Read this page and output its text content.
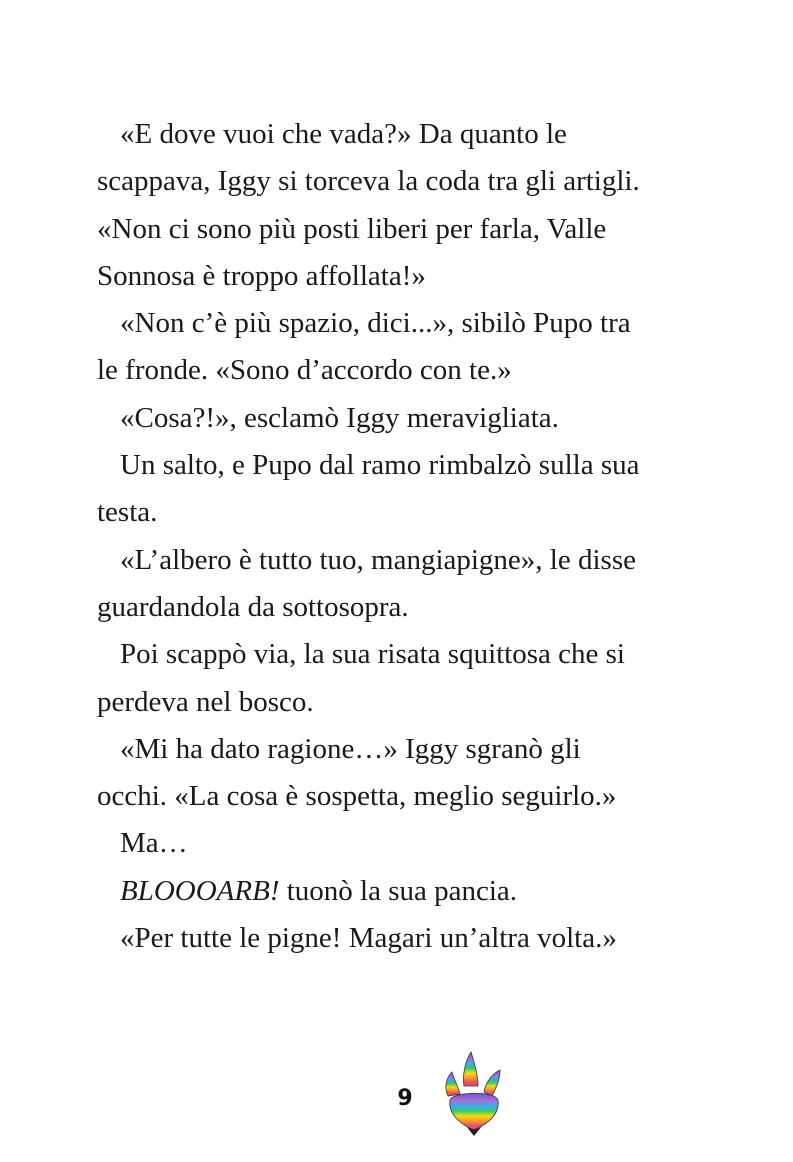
«E dove vuoi che vada?» Da quanto le
scappava, Iggy si torceva la coda tra gli artigli.
«Non ci sono più posti liberi per farla, Valle
Sonnosa è troppo affollata!»
«Non c’è più spazio, dici...», sibilò Pupo tra
le fronde. «Sono d’accordo con te.»
«Cosa?!», esclamò Iggy meravigliata.
Un salto, e Pupo dal ramo rimbalzò sulla sua
testa.
«L’albero è tutto tuo, mangiapigne», le disse
guardandola da sottosopra.
Poi scappò via, la sua risata squittosa che si
perdeva nel bosco.
«Mi ha dato ragione…» Iggy sgranò gli
occhi. «La cosa è sospetta, meglio seguirlo.»
Ma…
BLOOOARB! tuonò la sua pancia.
«Per tutte le pigne! Magari un’altra volta.»
9
